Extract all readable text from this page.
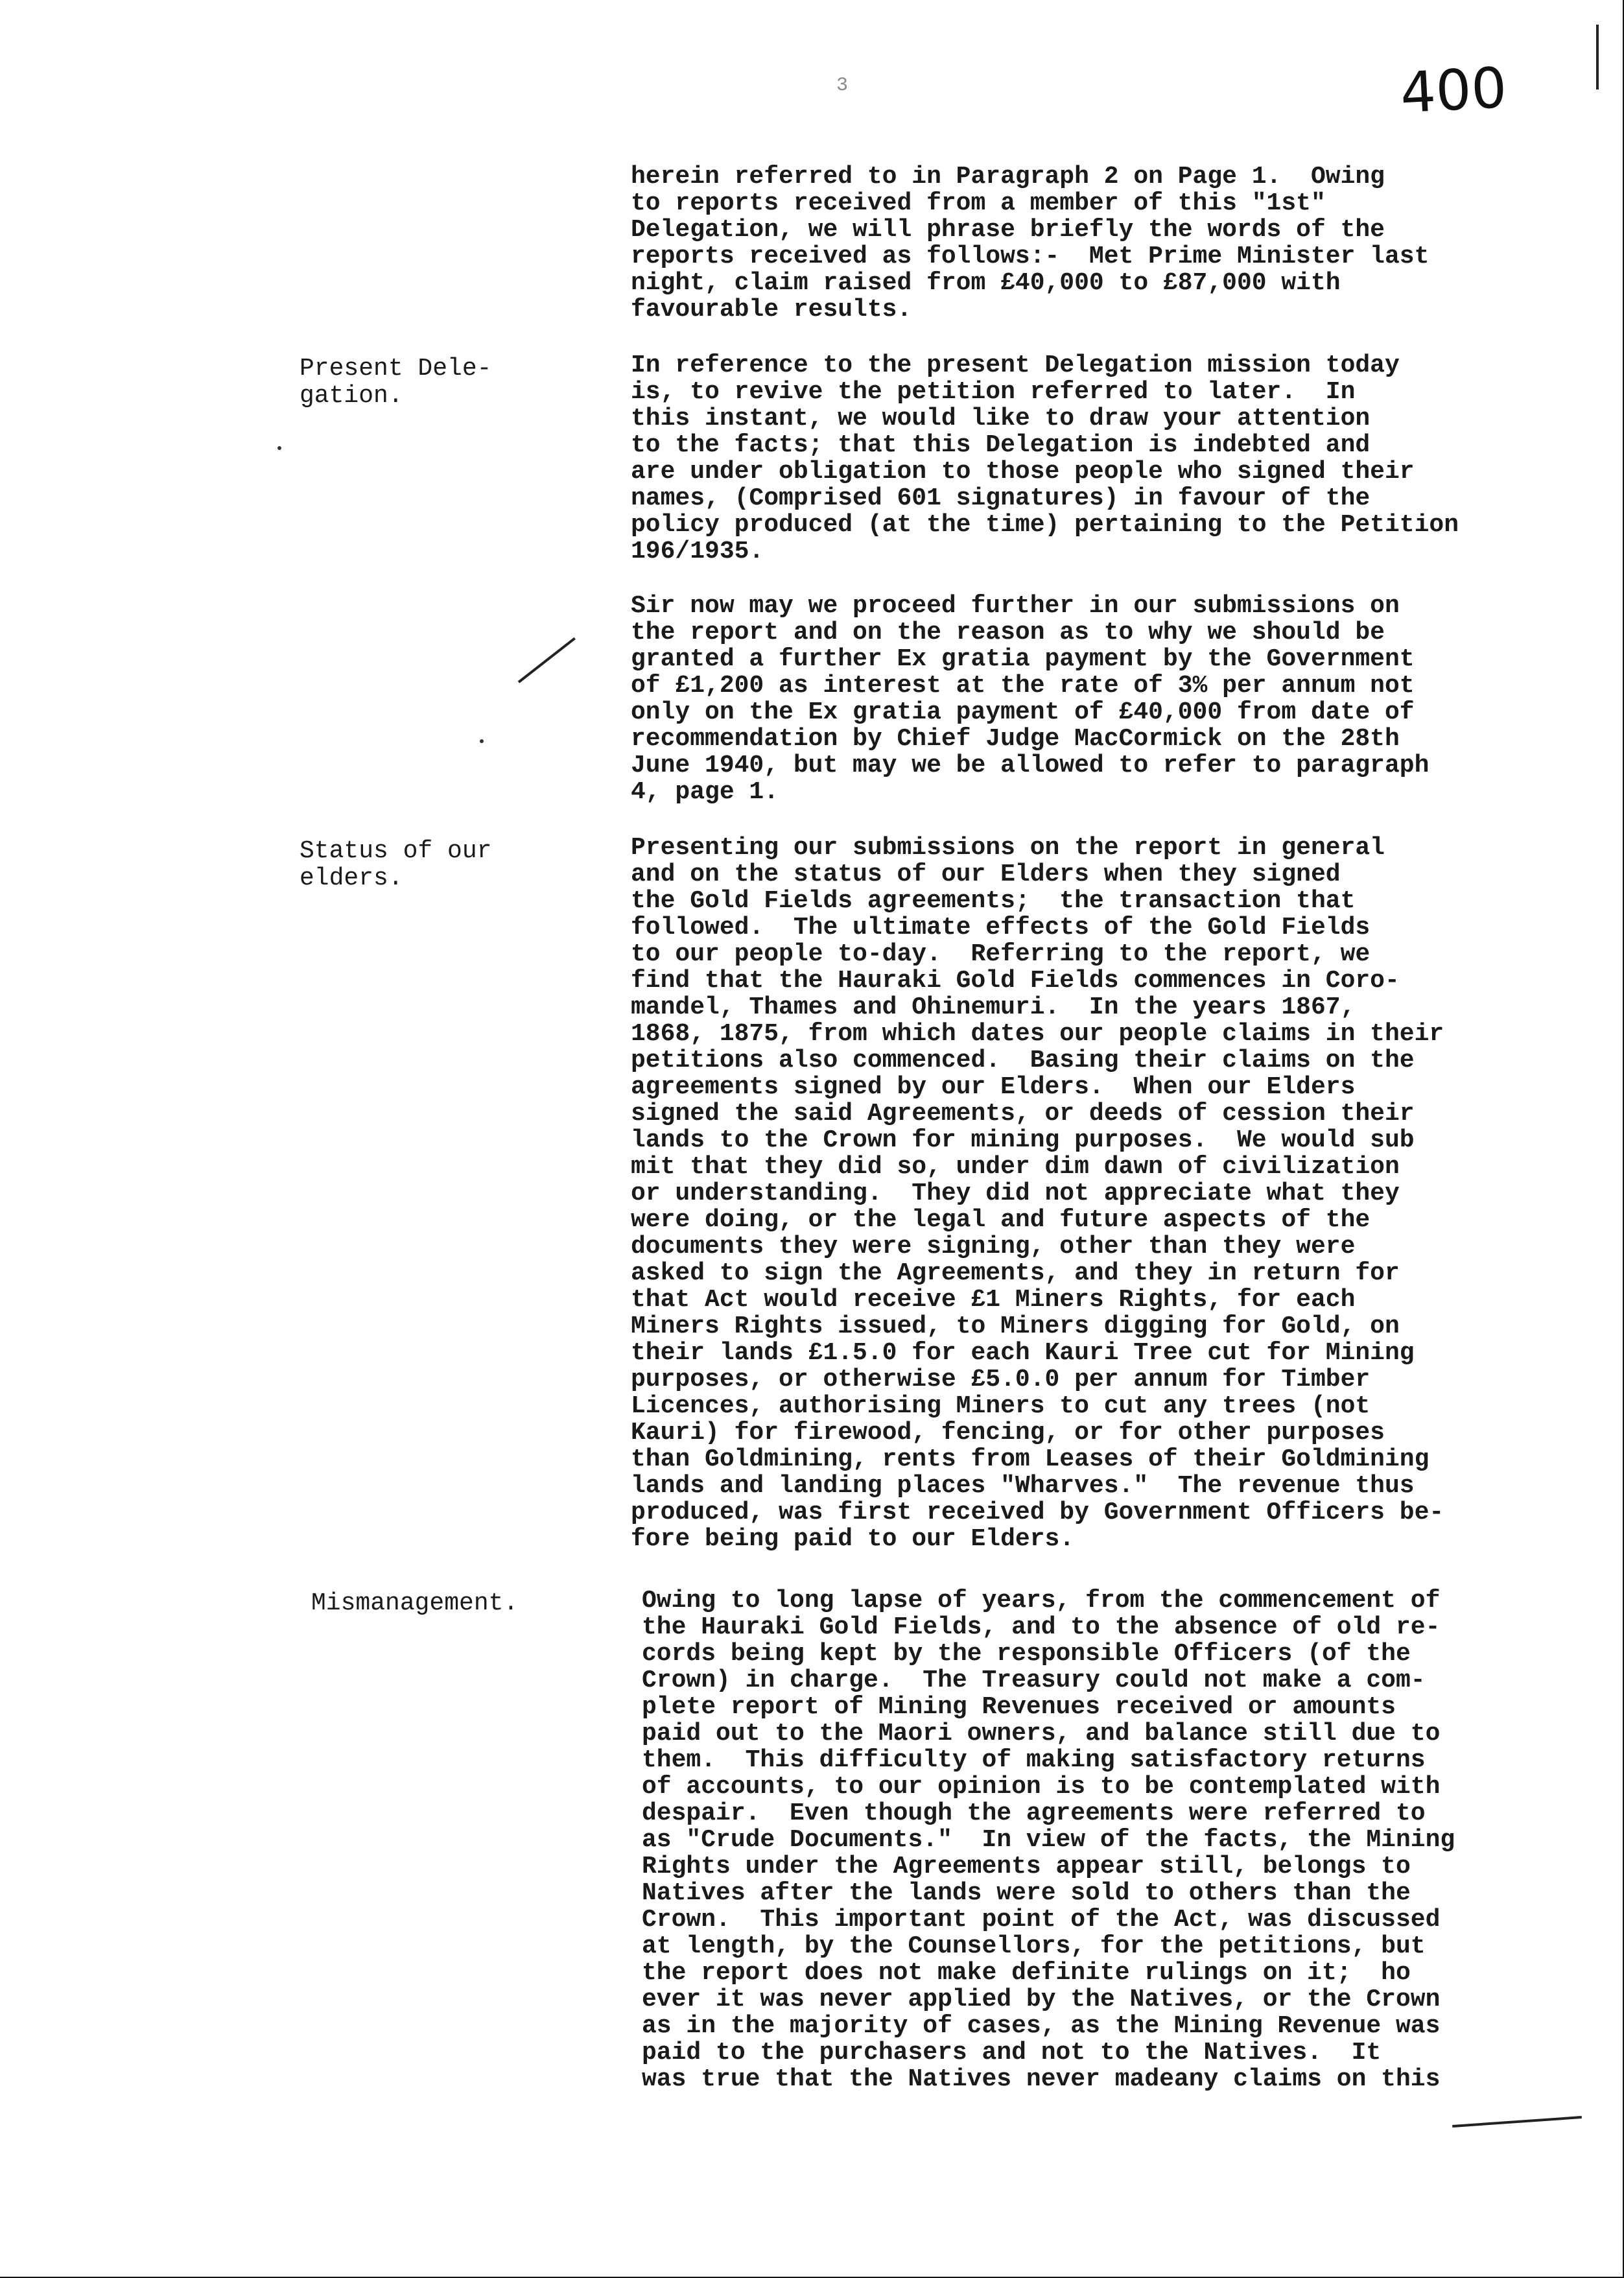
3	400
herein referred to in Paragraph 2 on Page 1.  Owing
to reports received from a member of this "1st"
Delegation, we will phrase briefly the words of the
reports received as follows:-  Met Prime Minister last
night, claim raised from £40,000 to £87,000 with
favourable results.
Present Dele-
gation.
In reference to the present Delegation mission today
is, to revive the petition referred to later.  In
this instant, we would like to draw your attention
to the facts; that this Delegation is indebted and
are under obligation to those people who signed their
names, (Comprised 601 signatures) in favour of the
policy produced (at the time) pertaining to the Petition
196/1935.
Sir now may we proceed further in our submissions on
the report and on the reason as to why we should be
granted a further Ex gratia payment by the Government
of £1,200 as interest at the rate of 3% per annum not
only on the Ex gratia payment of £40,000 from date of
recommendation by Chief Judge MacCormick on the 28th
June 1940, but may we be allowed to refer to paragraph
4, page 1.
Status of our
elders.
Presenting our submissions on the report in general
and on the status of our Elders when they signed
the Gold Fields agreements;  the transaction that
followed.  The ultimate effects of the Gold Fields
to our people to-day.  Referring to the report, we
find that the Hauraki Gold Fields commences in Coro-
mandel, Thames and Ohinemuri.  In the years 1867,
1868, 1875, from which dates our people claims in their
petitions also commenced.  Basing their claims on the
agreements signed by our Elders.  When our Elders
signed the said Agreements, or deeds of cession their
lands to the Crown for mining purposes.  We would sub
mit that they did so, under dim dawn of civilization
or understanding.  They did not appreciate what they
were doing, or the legal and future aspects of the
documents they were signing, other than they were
asked to sign the Agreements, and they in return for
that Act would receive £1 Miners Rights, for each
Miners Rights issued, to Miners digging for Gold, on
their lands £1.5.0 for each Kauri Tree cut for Mining
purposes, or otherwise £5.0.0 per annum for Timber
Licences, authorising Miners to cut any trees (not
Kauri) for firewood, fencing, or for other purposes
than Goldmining, rents from Leases of their Goldmining
lands and landing places "Wharves."  The revenue thus
produced, was first received by Government Officers be-
fore being paid to our Elders.
Mismanagement.	Owing to long lapse of years, from the commencement of
the Hauraki Gold Fields, and to the absence of old re-
cords being kept by the responsible Officers (of the
Crown) in charge.  The Treasury could not make a com-
plete report of Mining Revenues received or amounts
paid out to the Maori owners, and balance still due to
them.  This difficulty of making satisfactory returns
of accounts, to our opinion is to be contemplated with
despair.  Even though the agreements were referred to
as "Crude Documents."  In view of the facts, the Mining
Rights under the Agreements appear still, belongs to
Natives after the lands were sold to others than the
Crown.  This important point of the Act, was discussed
at length, by the Counsellors, for the petitions, but
the report does not make definite rulings on it;  ho
ever it was never applied by the Natives, or the Crown
as in the majority of cases, as the Mining Revenue was
paid to the purchasers and not to the Natives.  It
was true that the Natives never madeany claims on this
